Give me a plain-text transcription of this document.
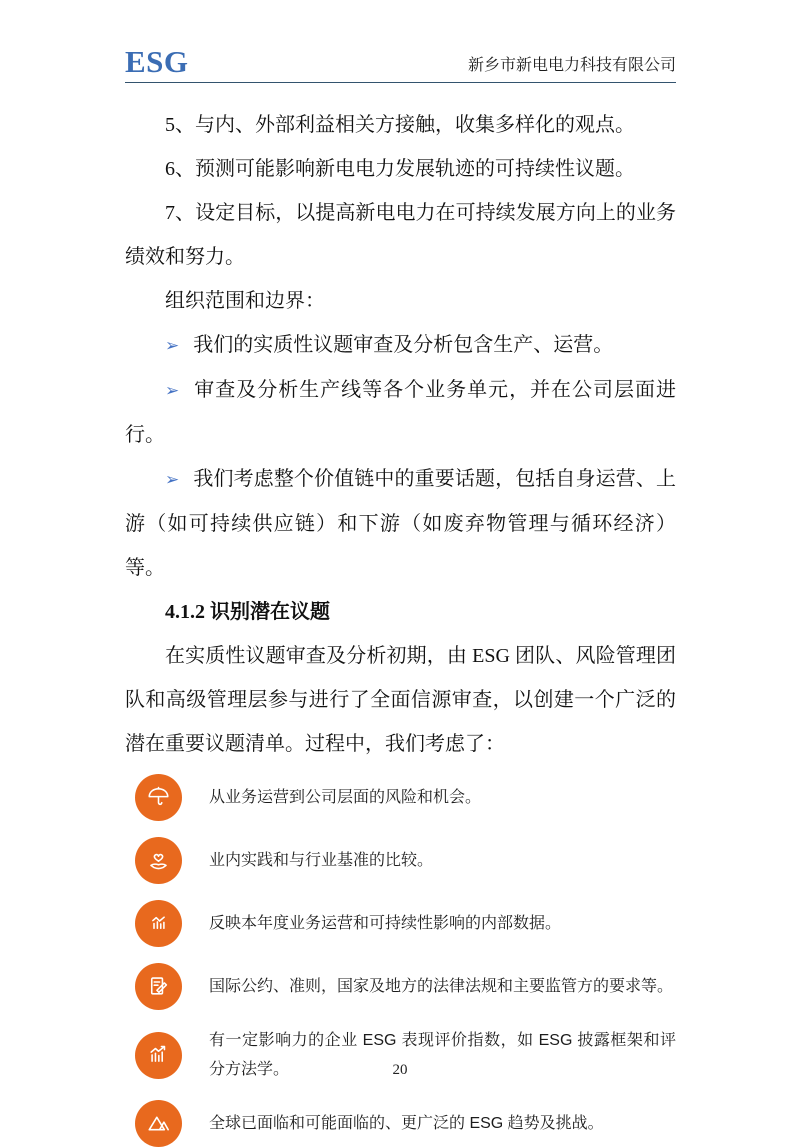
ESG	新乡市新电电力科技有限公司

5、与内、外部利益相关方接触，收集多样化的观点。

6、预测可能影响新电电力发展轨迹的可持续性议题。

7、设定目标，以提高新电电力在可持续发展方向上的业务绩效和努力。

组织范围和边界：

➢ 我们的实质性议题审查及分析包含生产、运营。

➢ 审查及分析生产线等各个业务单元，并在公司层面进行。

➢ 我们考虑整个价值链中的重要话题，包括自身运营、上游（如可持续供应链）和下游（如废弃物管理与循环经济）等。

4.1.2 识别潜在议题

在实质性议题审查及分析初期，由 ESG 团队、风险管理团队和高级管理层参与进行了全面信源审查，以创建一个广泛的潜在重要议题清单。过程中，我们考虑了：

从业务运营到公司层面的风险和机会。
业内实践和与行业基准的比较。
反映本年度业务运营和可持续性影响的内部数据。
国际公约、准则，国家及地方的法律法规和主要监管方的要求等。
有一定影响力的企业 ESG 表现评价指数，如 ESG 披露框架和评分方法学。
全球已面临和可能面临的、更广泛的 ESG 趋势及挑战。
20
